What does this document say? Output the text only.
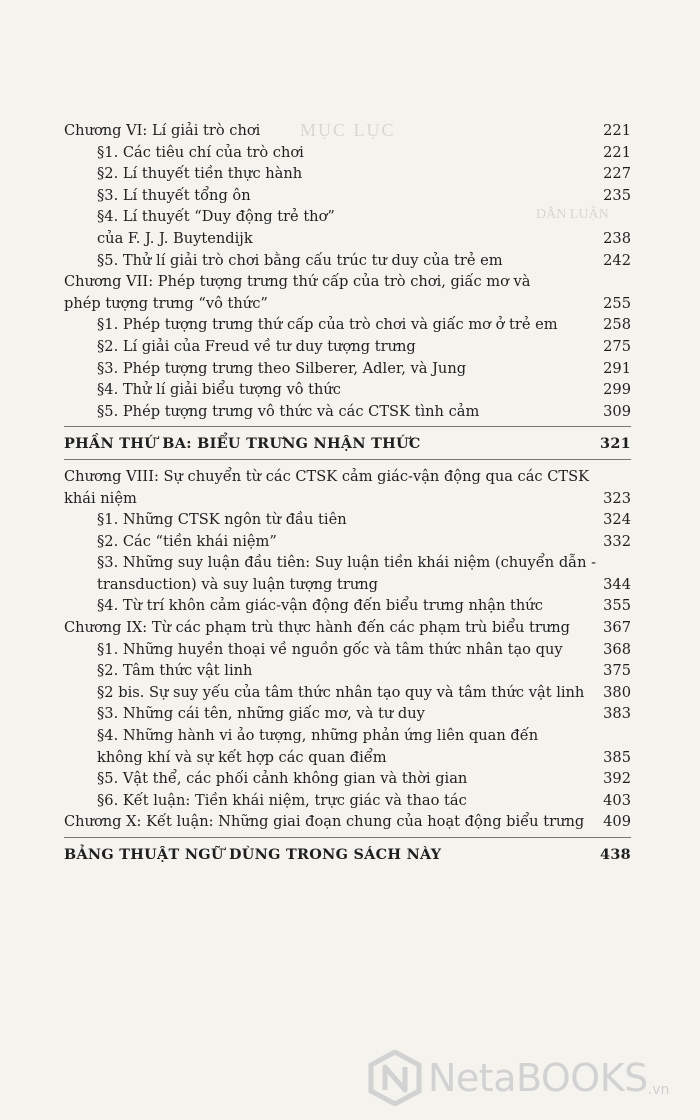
MỤC LỤC
DẪN LUẬN
Chương VI: Lí giải trò chơi	221
§1. Các tiêu chí của trò chơi	221
§2. Lí thuyết tiền thực hành	227
§3. Lí thuyết tổng ôn	235
§4. Lí thuyết “Duy động trẻ thơ”
của F. J. J. Buytendijk	238
§5. Thử lí giải trò chơi bằng cấu trúc tư duy của trẻ em	242
Chương VII: Phép tượng trưng thứ cấp của trò chơi, giấc mơ và
phép tượng trưng “vô thức”	255
§1. Phép tượng trưng thứ cấp của trò chơi và giấc mơ ở trẻ em	258
§2. Lí giải của Freud về tư duy tượng trưng	275
§3. Phép tượng trưng theo Silberer, Adler, và Jung	291
§4. Thử lí giải biểu tượng vô thức	299
§5. Phép tượng trưng vô thức và các CTSK tình cảm	309
PHẦN THỨ BA: BIỂU TRƯNG NHẬN THỨC	321
Chương VIII: Sự chuyển từ các CTSK cảm giác-vận động qua các CTSK
khái niệm	323
§1. Những CTSK ngôn từ đầu tiên	324
§2. Các “tiền khái niệm”	332
§3. Những suy luận đầu tiên: Suy luận tiền khái niệm (chuyển dẫn -
transduction) và suy luận tượng trưng	344
§4. Từ trí khôn cảm giác-vận động đến biểu trưng nhận thức	355
Chương IX: Từ các phạm trù thực hành đến các phạm trù biểu trưng 367
§1. Những huyền thoại về nguồn gốc và tâm thức nhân tạo quy	368
§2. Tâm thức vật linh	375
§2 bis. Sự suy yếu của tâm thức nhân tạo quy và tâm thức vật linh 380
§3. Những cái tên, những giấc mơ, và tư duy	383
§4. Những hành vi ảo tượng, những phản ứng liên quan đến
không khí và sự kết hợp các quan điểm	385
§5. Vật thể, các phối cảnh không gian và thời gian	392
§6. Kết luận: Tiền khái niệm, trực giác và thao tác	403
Chương X: Kết luận: Những giai đoạn chung của hoạt động biểu trưng 409
BẢNG THUẬT NGỮ DÙNG TRONG SÁCH NÀY	438
NetaBOOKS .vn
